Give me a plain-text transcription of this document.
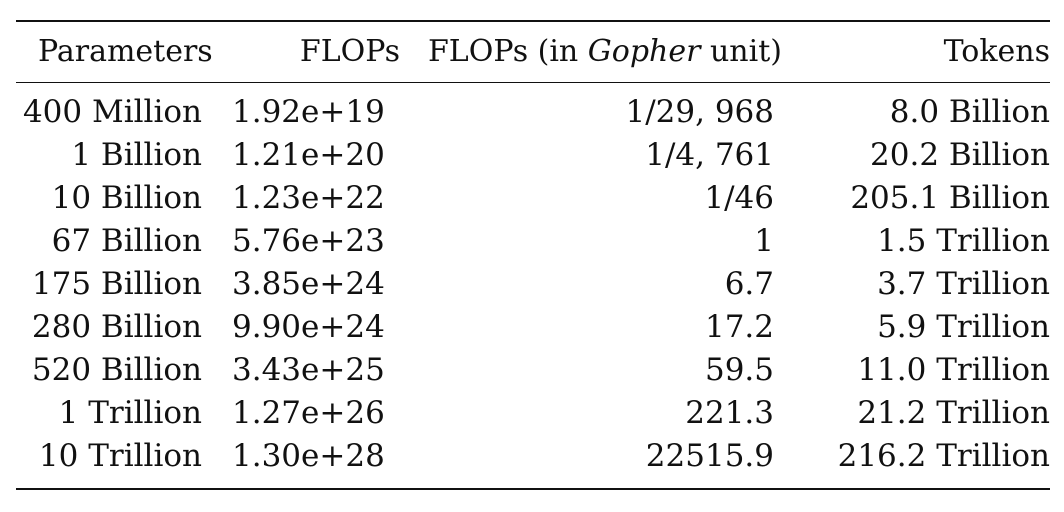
Parameters	FLOPs	FLOPs (in Gopher unit)	Tokens
400 Million	1.92e+19	1/29, 968	8.0 Billion
1 Billion	1.21e+20	1/4, 761	20.2 Billion
10 Billion	1.23e+22	1/46	205.1 Billion
67 Billion	5.76e+23	1	1.5 Trillion
175 Billion	3.85e+24	6.7	3.7 Trillion
280 Billion	9.90e+24	17.2	5.9 Trillion
520 Billion	3.43e+25	59.5	11.0 Trillion
1 Trillion	1.27e+26	221.3	21.2 Trillion
10 Trillion	1.30e+28	22515.9	216.2 Trillion
